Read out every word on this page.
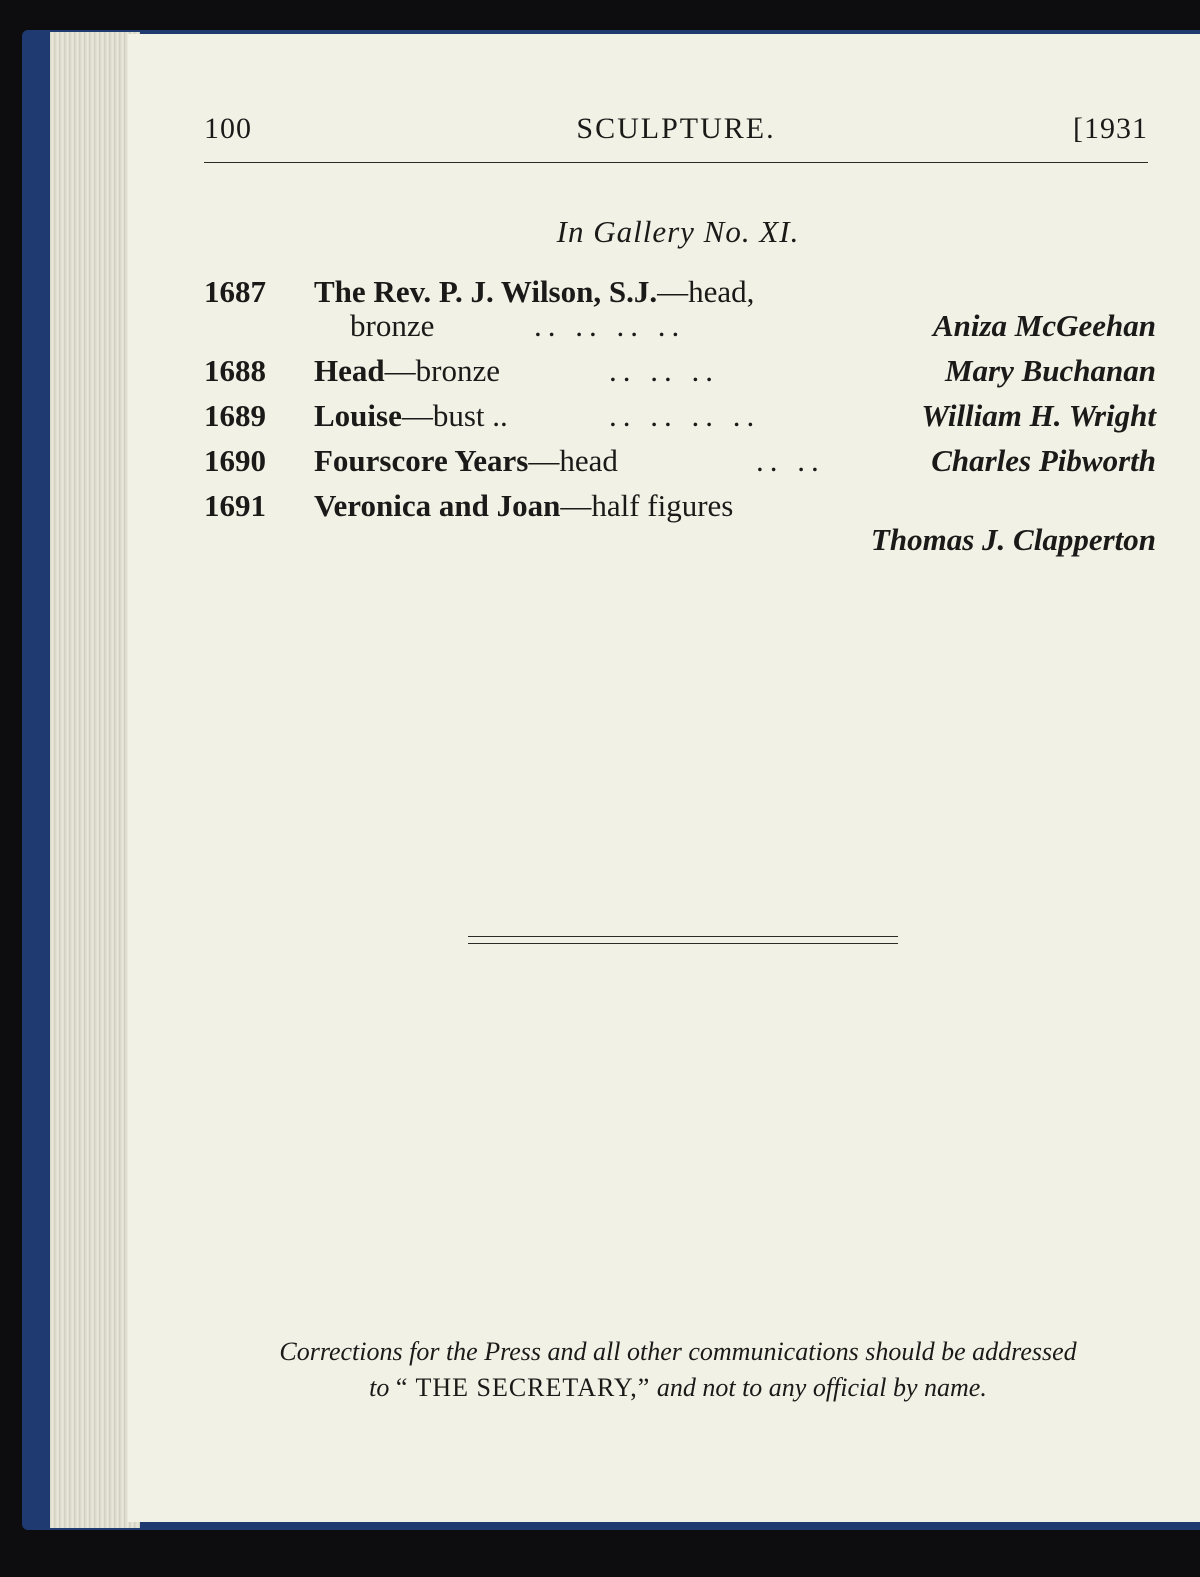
100	SCULPTURE.	[1931
In Gallery No. XI.
1687 The Rev. P. J. Wilson, S.J.—head,
bronze	.. .. .. ..	Aniza McGeehan
1688 Head—bronze	.. .. ..	Mary Buchanan
1689 Louise—bust ..	.. .. .. ..	William H. Wright
1690 Fourscore Years—head	.. ..	Charles Pibworth
1691 Veronica and Joan—half figures
Thomas J. Clapperton
Corrections for the Press and all other communications should be addressed
to “ THE SECRETARY,” and not to any official by name.
